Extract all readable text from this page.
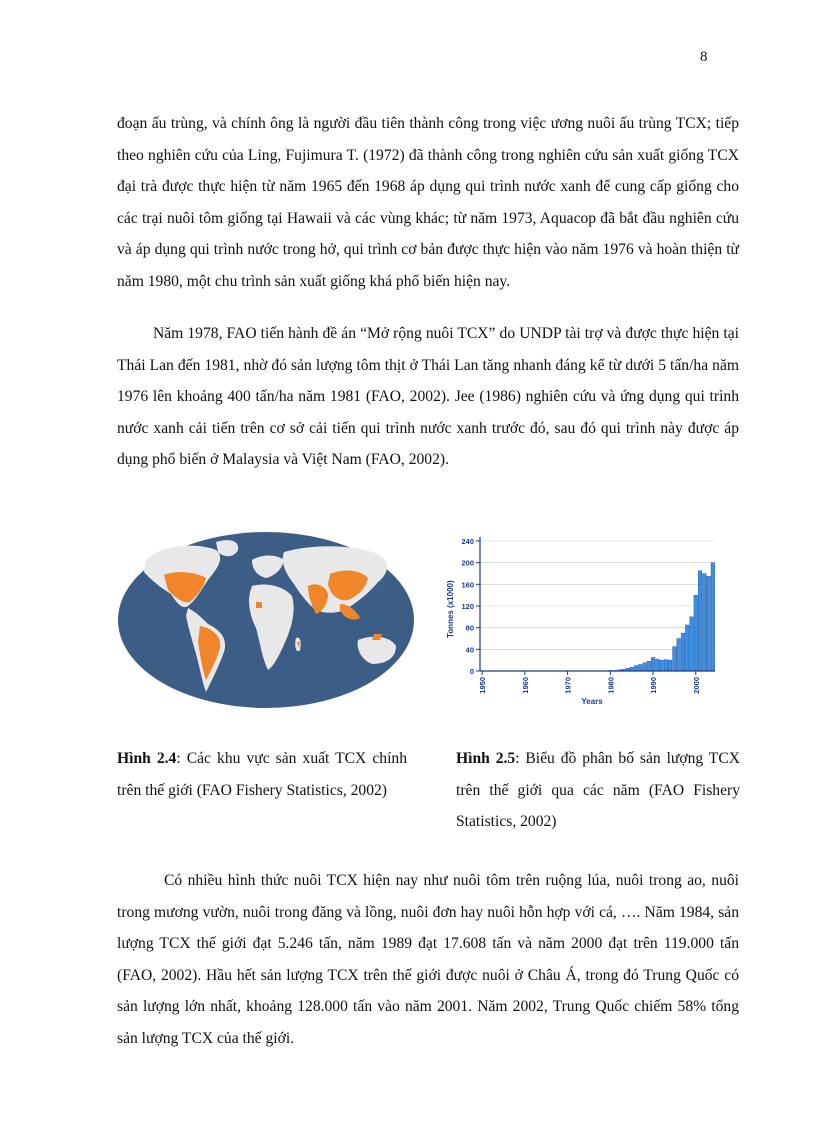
8

đoạn ấu trùng, và chính ông là người đầu tiên thành công trong việc ương nuôi ấu trùng TCX; tiếp theo nghiên cứu của Ling, Fujimura T. (1972) đã thành công trong nghiên cứu sản xuất giống TCX đại trà được thực hiện từ năm 1965 đến 1968 áp dụng qui trình nước xanh để cung cấp giống cho các trại nuôi tôm giống tại Hawaii và các vùng khác; từ năm 1973, Aquacop đã bắt đầu nghiên cứu và áp dụng qui trình nước trong hở, qui trình cơ bản được thực hiện vào năm 1976 và hoàn thiện từ năm 1980, một chu trình sản xuất giống khá phổ biến hiện nay.

Năm 1978, FAO tiến hành đề án “Mở rộng nuôi TCX” do UNDP tài trợ và được thực hiện tại Thái Lan đến 1981, nhờ đó sản lượng tôm thịt ở Thái Lan tăng nhanh đáng kể từ dưới 5 tấn/ha năm 1976 lên khoảng 400 tấn/ha năm 1981 (FAO, 2002). Jee (1986) nghiên cứu và ứng dụng qui trình nước xanh cải tiến trên cơ sở cải tiến qui trình nước xanh trước đó, sau đó qui trình này được áp dụng phổ biến ở Malaysia và Việt Nam (FAO, 2002).

0
40
80
120
160
200
240
1950	1960	1970	1980	1990	2000
Tonnes (x1000)
Years

Hình 2.4: Các khu vực sản xuất TCX chính trên thế giới (FAO Fishery Statistics, 2002)

Hình 2.5: Biểu đồ phân bố sản lượng TCX trên thế giới qua các năm (FAO Fishery Statistics, 2002)

Có nhiều hình thức nuôi TCX hiện nay như nuôi tôm trên ruộng lúa, nuôi trong ao, nuôi trong mương vườn, nuôi trong đăng và lồng, nuôi đơn hay nuôi hỗn hợp với cá, …. Năm 1984, sản lượng TCX thế giới đạt 5.246 tấn, năm 1989 đạt 17.608 tấn và năm 2000 đạt trên 119.000 tấn (FAO, 2002). Hầu hết sản lượng TCX trên thế giới được nuôi ở Châu Á, trong đó Trung Quốc có sản lượng lớn nhất, khoảng 128.000 tấn vào năm 2001. Năm 2002, Trung Quốc chiếm 58% tổng sản lượng TCX của thế giới.
